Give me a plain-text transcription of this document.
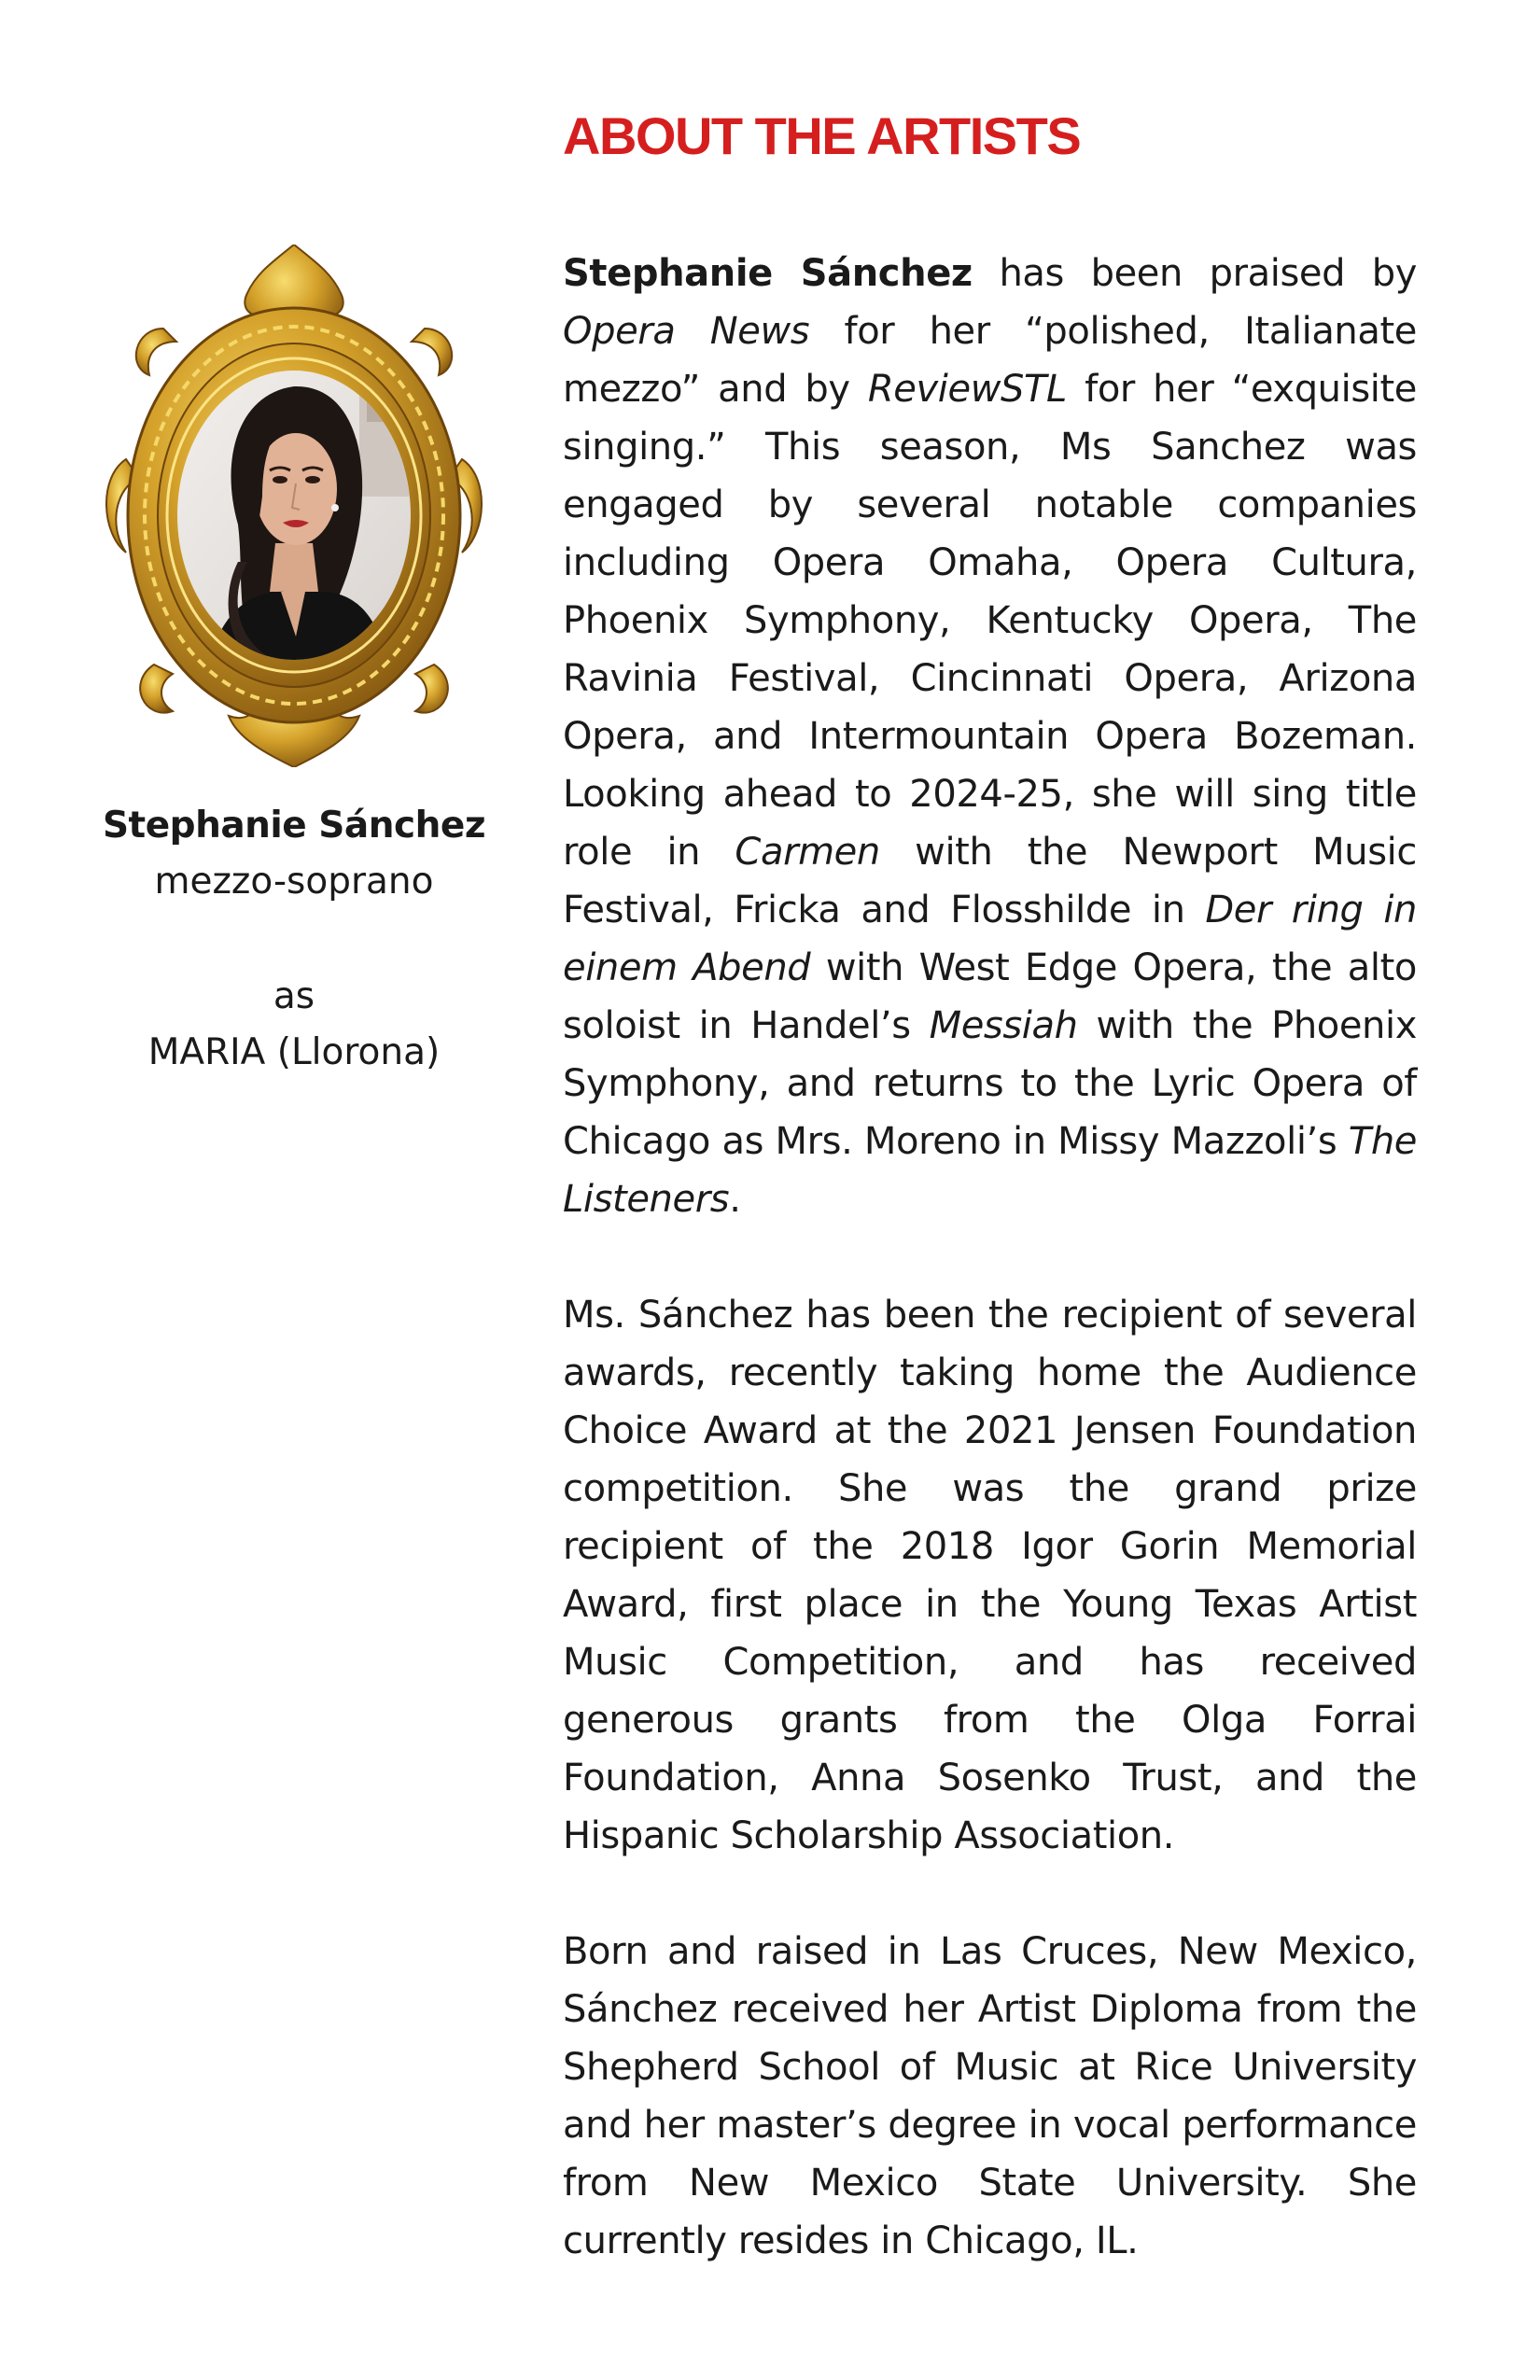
ABOUT THE ARTISTS
Stephanie Sánchez
mezzo-soprano
as
MARIA (Llorona)

Stephanie Sánchez has been praised by Opera News for her “polished, Italianate mezzo” and by ReviewSTL for her “exquisite singing.” This season, Ms Sanchez was engaged by several notable companies including Opera Omaha, Opera Cultura, Phoenix Symphony, Kentucky Opera, The Ravinia Festival, Cincinnati Opera, Arizona Opera, and Intermountain Opera Bozeman. Looking ahead to 2024-25, she will sing title role in Carmen with the Newport Music Festival, Fricka and Flosshilde in Der ring in einem Abend with West Edge Opera, the alto soloist in Handel’s Messiah with the Phoenix Symphony, and returns to the Lyric Opera of Chicago as Mrs. Moreno in Missy Mazzoli’s The Listeners.

Ms. Sánchez has been the recipient of several awards, recently taking home the Audience Choice Award at the 2021 Jensen Foundation competition. She was the grand prize recipient of the 2018 Igor Gorin Memorial Award, first place in the Young Texas Artist Music Competition, and has received generous grants from the Olga Forrai Foundation, Anna Sosenko Trust, and the Hispanic Scholarship Association.

Born and raised in Las Cruces, New Mexico, Sánchez received her Artist Diploma from the Shepherd School of Music at Rice University and her master’s degree in vocal performance from New Mexico State University. She currently resides in Chicago, IL.
